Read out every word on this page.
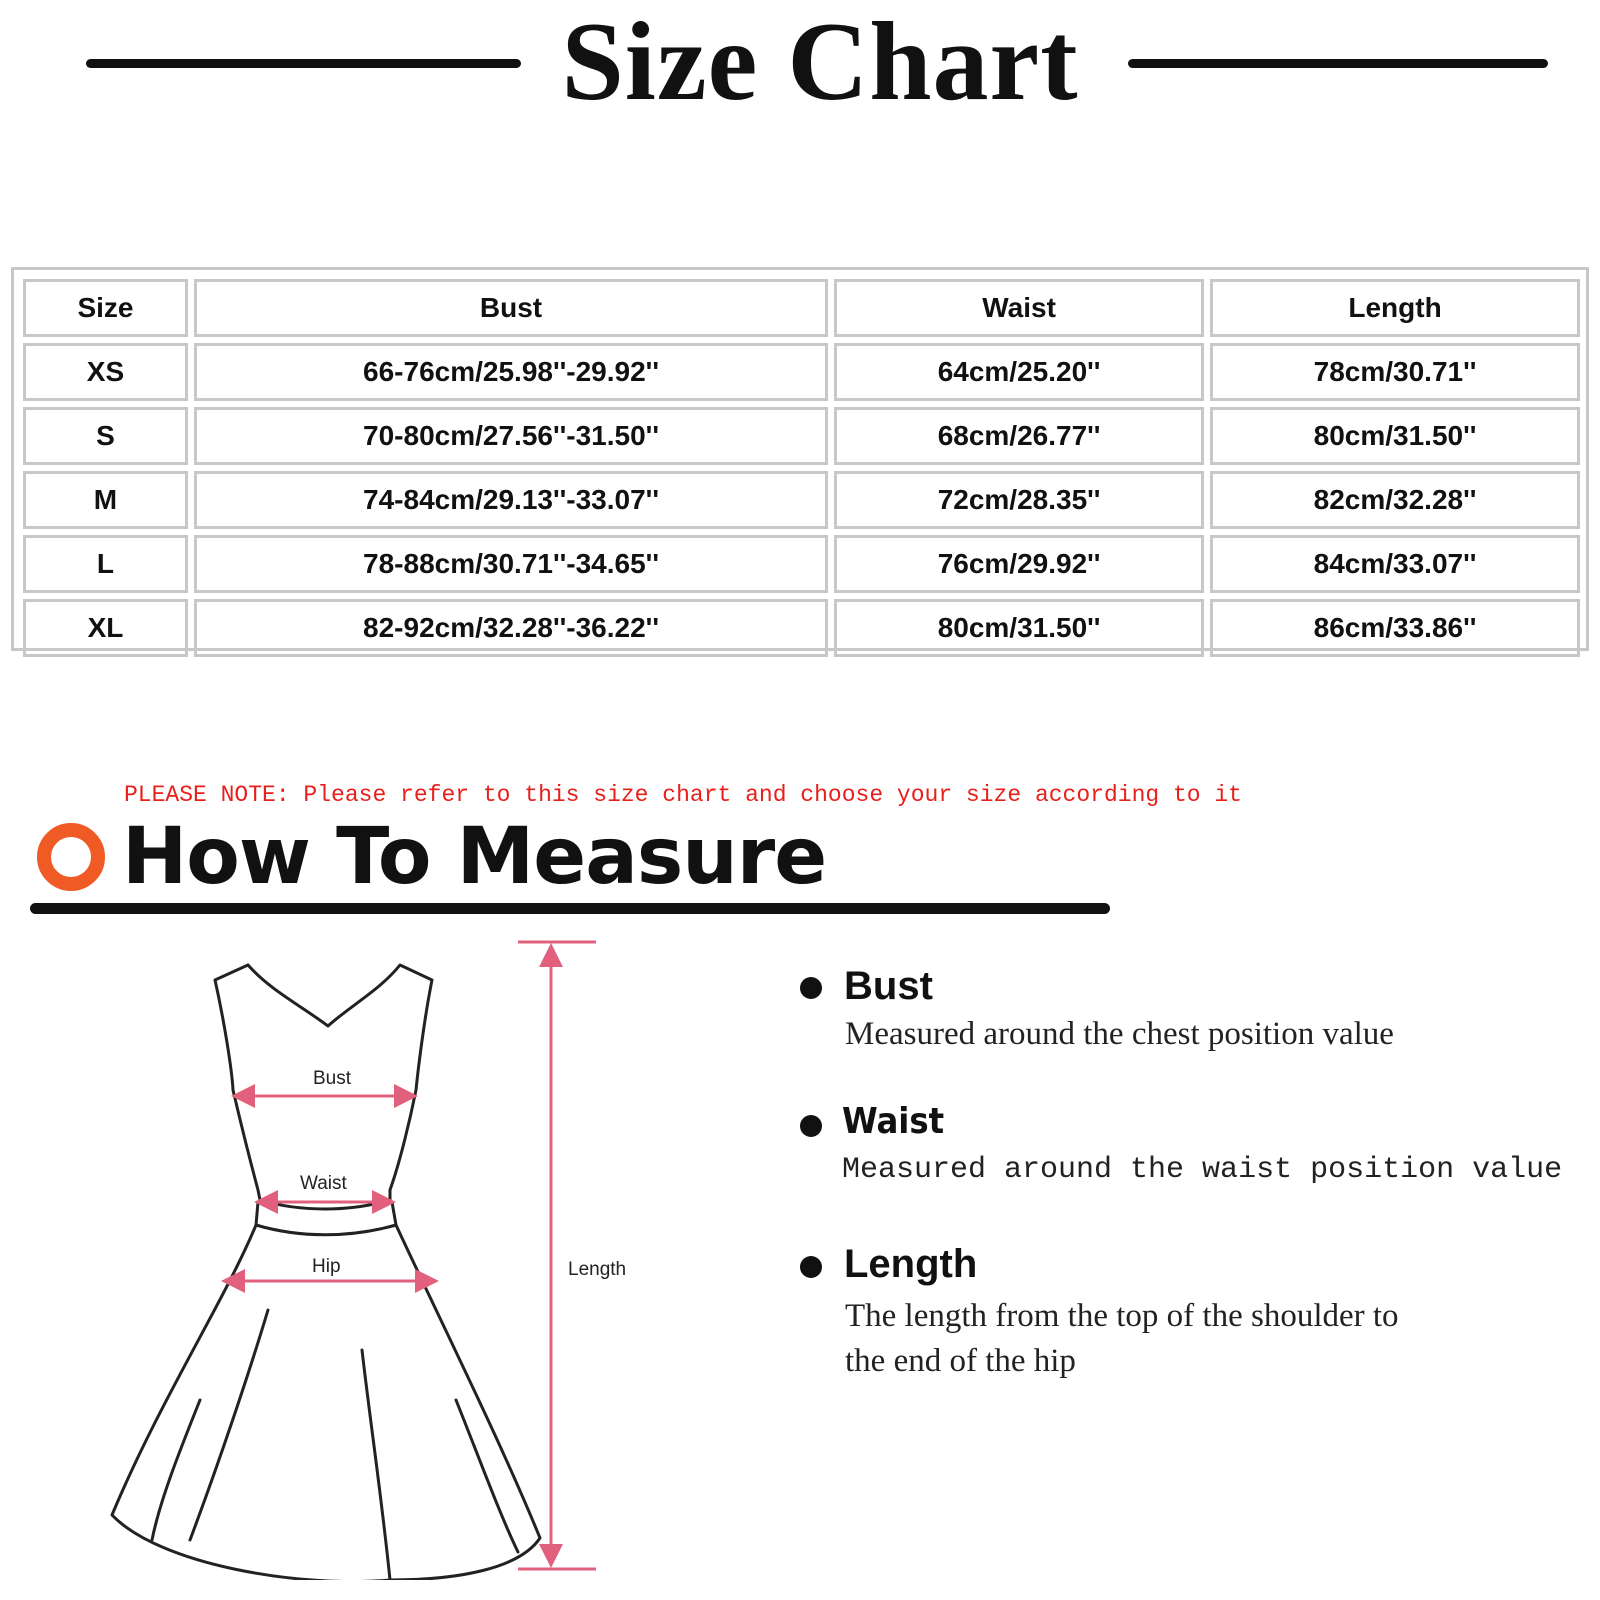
Size Chart
Size	Bust	Waist	Length
XS	66-76cm/25.98''-29.92''	64cm/25.20''	78cm/30.71''
S	70-80cm/27.56''-31.50''	68cm/26.77''	80cm/31.50''
M	74-84cm/29.13''-33.07''	72cm/28.35''	82cm/32.28''
L	78-88cm/30.71''-34.65''	76cm/29.92''	84cm/33.07''
XL	82-92cm/32.28''-36.22''	80cm/31.50''	86cm/33.86''
PLEASE NOTE: Please refer to this size chart and choose your size according to it
How To Measure
Bust
Waist
Hip	Length
Bust
Measured around the chest position value
Waist
Measured around the waist position value
Length
The length from the top of the shoulder to
the end of the hip
